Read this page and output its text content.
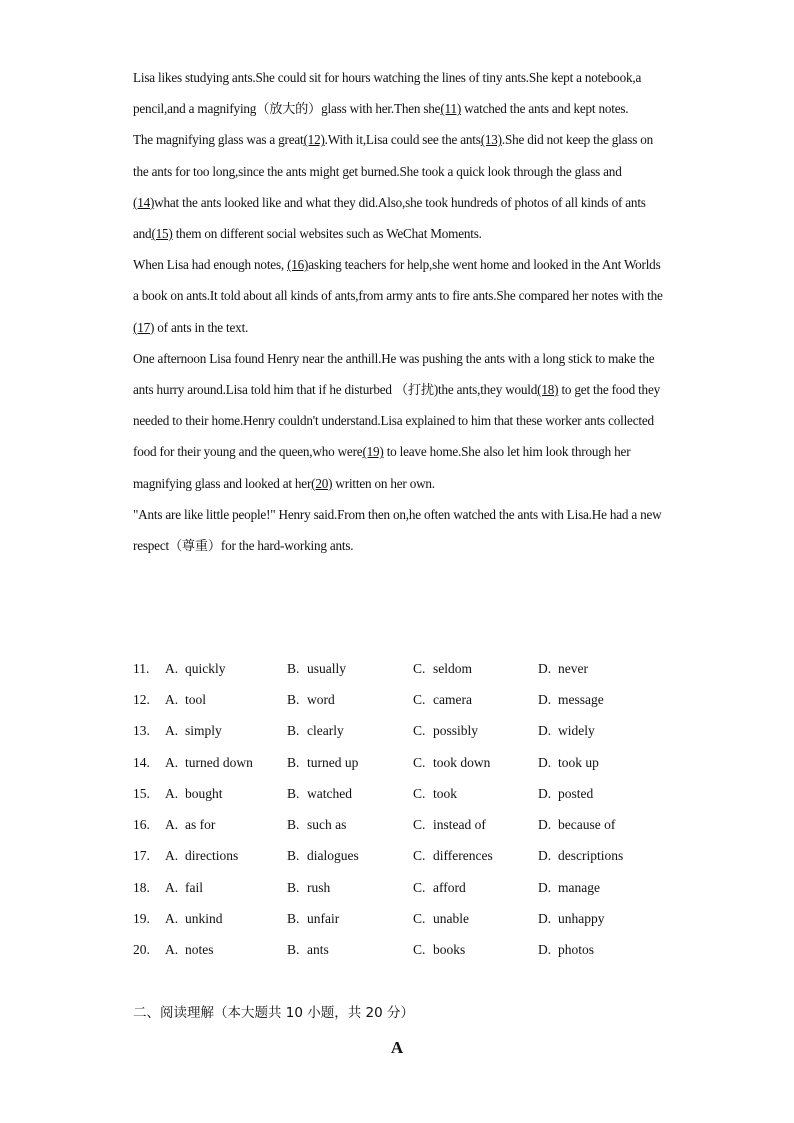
Lisa likes studying ants.She could sit for hours watching the lines of tiny ants.She kept a notebook,a pencil,and a magnifying（放大的）glass with her.Then she(11) watched the ants and kept notes.

The magnifying glass was a great(12).With it,Lisa could see the ants(13).She did not keep the glass on the ants for too long,since the ants might get burned.She took a quick look through the glass and (14)what the ants looked like and what they did.Also,she took hundreds of photos of all kinds of ants and(15) them on different social websites such as WeChat Moments.

When Lisa had enough notes, (16)asking teachers for help,she went home and looked in the Ant Worlds a book on ants.It told about all kinds of ants,from army ants to fire ants.She compared her notes with the (17) of ants in the text.

One afternoon Lisa found Henry near the anthill.He was pushing the ants with a long stick to make the ants hurry around.Lisa told him that if he disturbed （打扰)the ants,they would(18) to get the food they needed to their home.Henry couldn't understand.Lisa explained to him that these worker ants collected food for their young and the queen,who were(19) to leave home.She also let him look through her magnifying glass and looked at her(20) written on her own.

"Ants are like little people!" Henry said.From then on,he often watched the ants with Lisa.He had a new respect（尊重）for the hard-working ants.

11.	A. quickly	B. usually	C. seldom	D. never
12.	A. tool	B. word	C. camera	D. message
13.	A. simply	B. clearly	C. possibly	D. widely
14.	A. turned down	B. turned up	C. took down	D. took up
15.	A. bought	B. watched	C. took	D. posted
16.	A. as for	B. such as	C. instead of	D. because of
17.	A. directions	B. dialogues	C. differences	D. descriptions
18.	A. fail	B. rush	C. afford	D. manage
19.	A. unkind	B. unfair	C. unable	D. unhappy
20.	A. notes	B. ants	C. books	D. photos
二、阅读理解（本大题共 10 小题，共 20 分）
A
